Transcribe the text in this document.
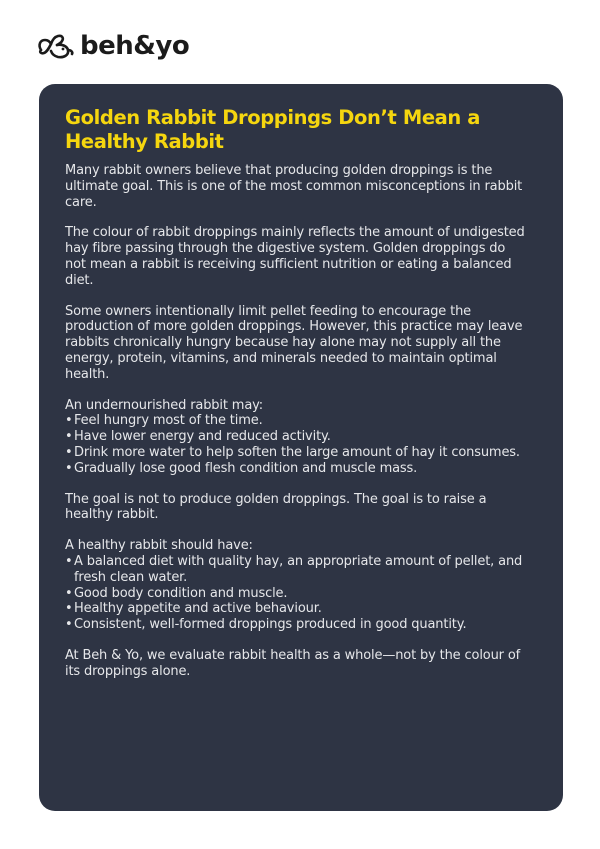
beh&yo
Golden Rabbit Droppings Don’t Mean a Healthy Rabbit

Many rabbit owners believe that producing golden droppings is the ultimate goal. This is one of the most common misconceptions in rabbit care.

The colour of rabbit droppings mainly reflects the amount of undigested hay fibre passing through the digestive system. Golden droppings do not mean a rabbit is receiving sufficient nutrition or eating a balanced diet.

Some owners intentionally limit pellet feeding to encourage the production of more golden droppings. However, this practice may leave rabbits chronically hungry because hay alone may not supply all the energy, protein, vitamins, and minerals needed to maintain optimal health.

An undernourished rabbit may:

• Feel hungry most of the time.
• Have lower energy and reduced activity.
• Drink more water to help soften the large amount of hay it consumes.
• Gradually lose good flesh condition and muscle mass.

The goal is not to produce golden droppings. The goal is to raise a healthy rabbit.

A healthy rabbit should have:

• A balanced diet with quality hay, an appropriate amount of pellet, and fresh clean water.
• Good body condition and muscle.
• Healthy appetite and active behaviour.
• Consistent, well-formed droppings produced in good quantity.

At Beh & Yo, we evaluate rabbit health as a whole—not by the colour of its droppings alone.
